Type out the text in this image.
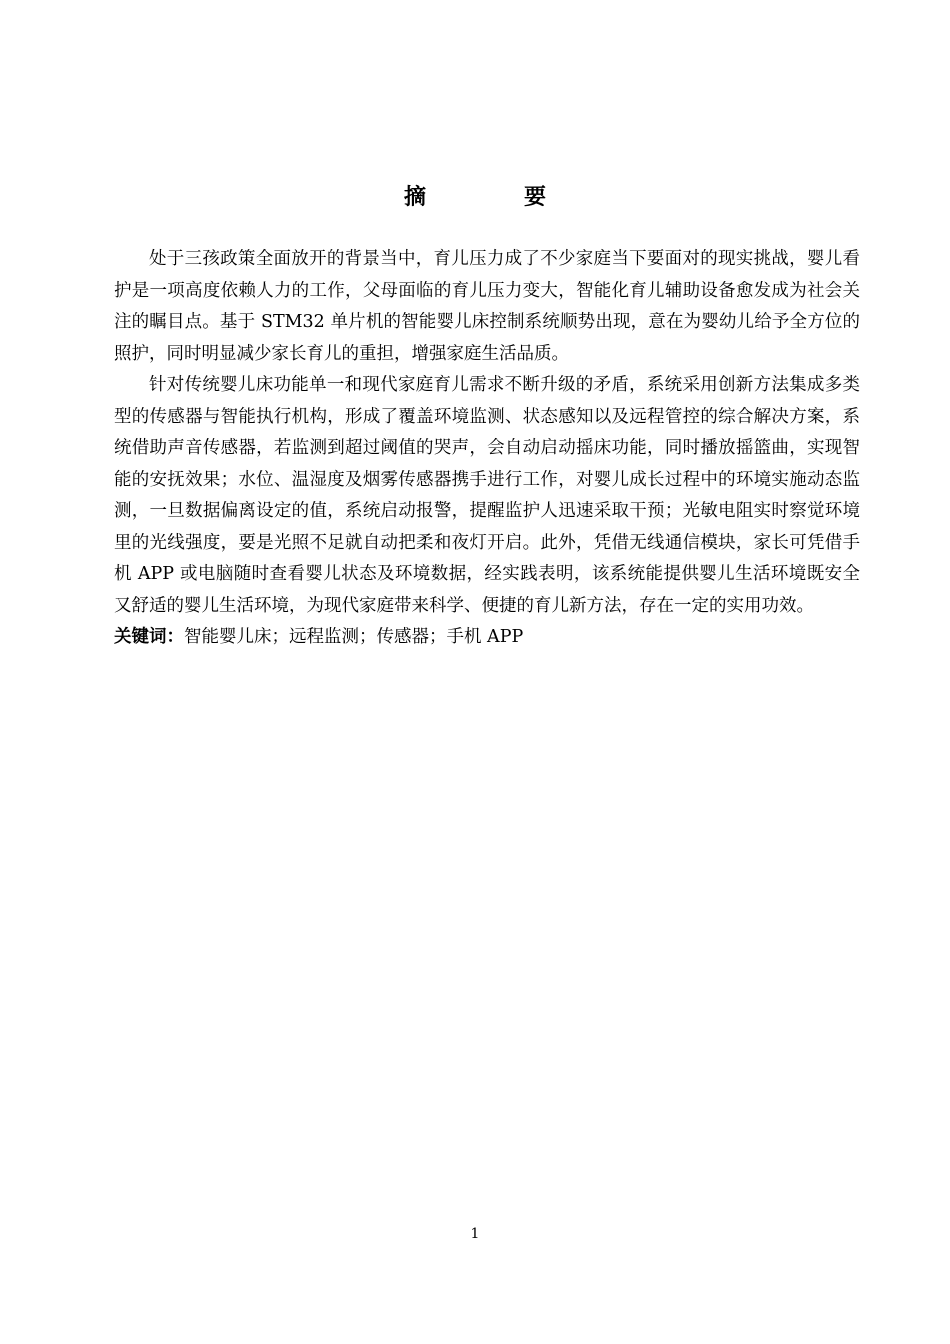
摘　要

处于三孩政策全面放开的背景当中，育儿压力成了不少家庭当下要面对的现实挑战，婴儿看护是一项高度依赖人力的工作，父母面临的育儿压力变大，智能化育儿辅助设备愈发成为社会关注的瞩目点。基于 STM32 单片机的智能婴儿床控制系统顺势出现，意在为婴幼儿给予全方位的照护，同时明显减少家长育儿的重担，增强家庭生活品质。

针对传统婴儿床功能单一和现代家庭育儿需求不断升级的矛盾，系统采用创新方法集成多类型的传感器与智能执行机构，形成了覆盖环境监测、状态感知以及远程管控的综合解决方案，系统借助声音传感器，若监测到超过阈值的哭声，会自动启动摇床功能，同时播放摇篮曲，实现智能的安抚效果；水位、温湿度及烟雾传感器携手进行工作，对婴儿成长过程中的环境实施动态监测，一旦数据偏离设定的值，系统启动报警，提醒监护人迅速采取干预；光敏电阻实时察觉环境里的光线强度，要是光照不足就自动把柔和夜灯开启。此外，凭借无线通信模块，家长可凭借手机 APP 或电脑随时查看婴儿状态及环境数据，经实践表明，该系统能提供婴儿生活环境既安全又舒适的婴儿生活环境，为现代家庭带来科学、便捷的育儿新方法，存在一定的实用功效。

关键词：智能婴儿床；远程监测；传感器；手机 APP

1
